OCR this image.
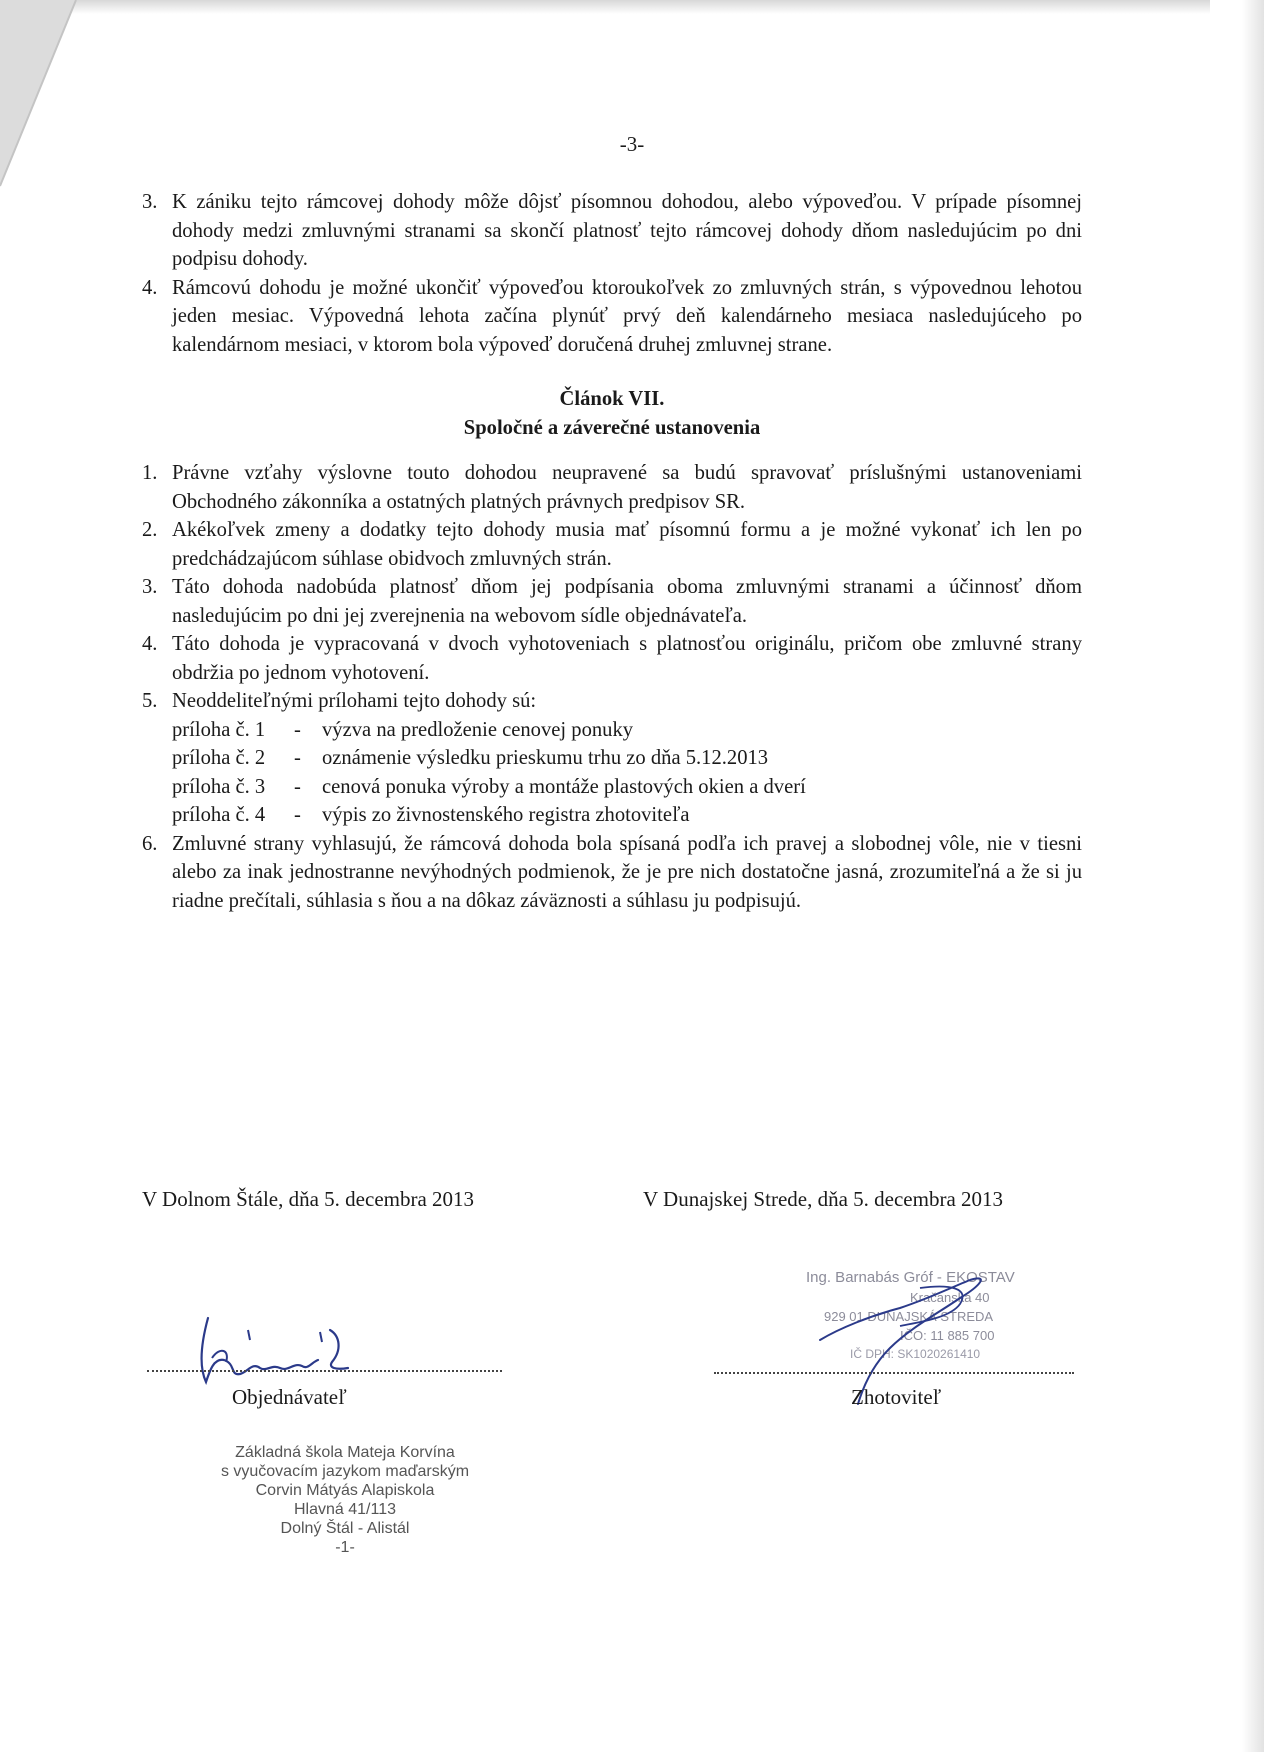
-3-
3. K zániku tejto rámcovej dohody môže dôjsť písomnou dohodou, alebo výpoveďou. V prípade písomnej dohody medzi zmluvnými stranami sa skončí platnosť tejto rámcovej dohody dňom nasledujúcim po dni podpisu dohody.
4. Rámcovú dohodu je možné ukončiť výpoveďou ktoroukoľvek zo zmluvných strán, s výpovednou lehotou jeden mesiac. Výpovedná lehota začína plynúť prvý deň kalendárneho mesiaca nasledujúceho po kalendárnom mesiaci, v ktorom bola výpoveď doručená druhej zmluvnej strane.
Článok VII.
Spoločné a záverečné ustanovenia
1. Právne vzťahy výslovne touto dohodou neupravené sa budú spravovať príslušnými ustanoveniami Obchodného zákonníka a ostatných platných právnych predpisov SR.
2. Akékoľvek zmeny a dodatky tejto dohody musia mať písomnú formu a je možné vykonať ich len po predchádzajúcom súhlase obidvoch zmluvných strán.
3. Táto dohoda nadobúda platnosť dňom jej podpísania oboma zmluvnými stranami a účinnosť dňom nasledujúcim po dni jej zverejnenia na webovom sídle objednávateľa.
4. Táto dohoda je vypracovaná v dvoch vyhotoveniach s platnosťou originálu, pričom obe zmluvné strany obdržia po jednom vyhotovení.
5. Neoddeliteľnými prílohami tejto dohody sú:
príloha č. 1	-	výzva na predloženie cenovej ponuky
príloha č. 2	-	oznámenie výsledku prieskumu trhu zo dňa 5.12.2013
príloha č. 3	-	cenová ponuka výroby a montáže plastových okien a dverí
príloha č. 4	-	výpis zo živnostenského registra zhotoviteľa
6. Zmluvné strany vyhlasujú, že rámcová dohoda bola spísaná podľa ich pravej a slobodnej vôle, nie v tiesni alebo za inak jednostranne nevýhodných podmienok, že je pre nich dostatočne jasná, zrozumiteľná a že si ju riadne prečítali, súhlasia s ňou a na dôkaz záväznosti a súhlasu ju podpisujú.
V Dolnom Štále, dňa 5. decembra 2013	V Dunajskej Strede, dňa 5. decembra 2013
Ing. Barnabás Gróf - EKOSTAV
Kračanská 40
929 01 DUNAJSKÁ STREDA
IČO: 11 885 700
IČ DPH: SK1020261410
Objednávateľ	Zhotoviteľ
Základná škola Mateja Korvína
s vyučovacím jazykom maďarským
Corvin Mátyás Alapiskola
Hlavná 41/113
Dolný Štál - Alistál
-1-
